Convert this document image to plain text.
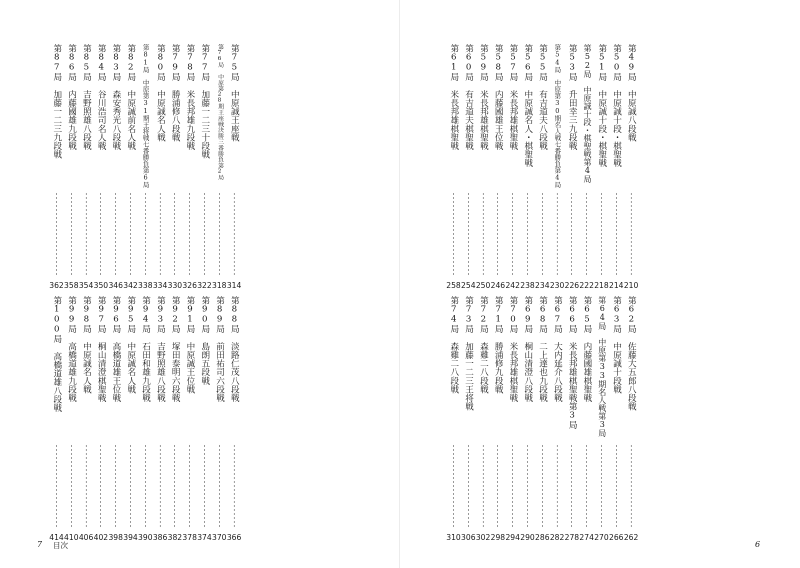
第75局　中原誠王座戦
314
第76局　中原第28期王座戦決勝三番勝負第2局
318
第77局　加藤一二三十段戦
322
第78局　米長邦雄九段戦
326
第79局　勝浦修八段戦
330
第80局　中原誠名人戦
334
第81局　中原第31期王将戦七番勝負第6局
338
第82局　中原誠前名人戦
342
第83局　森安秀光八段戦
346
第84局　谷川浩司名人戦
350
第85局　吉野照雄八段戦
354
第86局　内藤國雄九段戦
358
第87局　加藤一二三九段戦
362
第88局　淡路仁茂八段戦
366
第89局　前田祐司六段戦
370
第90局　島朗五段戦
374
第91局　中原誠王位戦
378
第92局　塚田泰明六段戦
382
第93局　吉野照雄八段戦
386
第94局　石田和雄九段戦
390
第95局　中原誠名人戦
394
第96局　高橋道雄王位戦
398
第97局　桐山清澄棋聖戦
402
第98局　中原誠名人戦
406
第99局　高橋道雄九段戦
410
第100局　高橋道雄八段戦
414
7 目次
第49局　中原誠八段戦
210
第50局　中原誠十段・棋聖戦
214
第51局　中原誠十段・棋聖戦
218
第52局　中原誠十段・棋聖戦第4局
222
第53局　升田幸三九段戦
226
第54局　中原第30期名人戦七番勝負第4局
230
第55局　有吉道夫八段戦
234
第56局　中原誠名人・棋聖戦
238
第57局　米長邦雄棋聖戦
242
第58局　内藤國雄王位戦
246
第59局　米長邦雄棋聖戦
250
第60局　有吉道夫棋聖戦
254
第61局　米長邦雄棋聖戦
258
第62局　佐藤大五郎八段戦
262
第63局　中原誠十段戦
266
第64局　中原第33期名人戦第3局
270
第65局　内藤國雄棋聖戦
274
第66局　米長邦雄棋聖戦第3局
278
第67局　大内延介八段戦
282
第68局　二上達也九段戦
286
第69局　桐山清澄八段戦
290
第70局　米長邦雄棋聖戦
294
第71局　勝浦修九段戦
298
第72局　森雞二八段戦
302
第73局　加藤一二三王将戦
306
第74局　森雞二八段戦
310
6
